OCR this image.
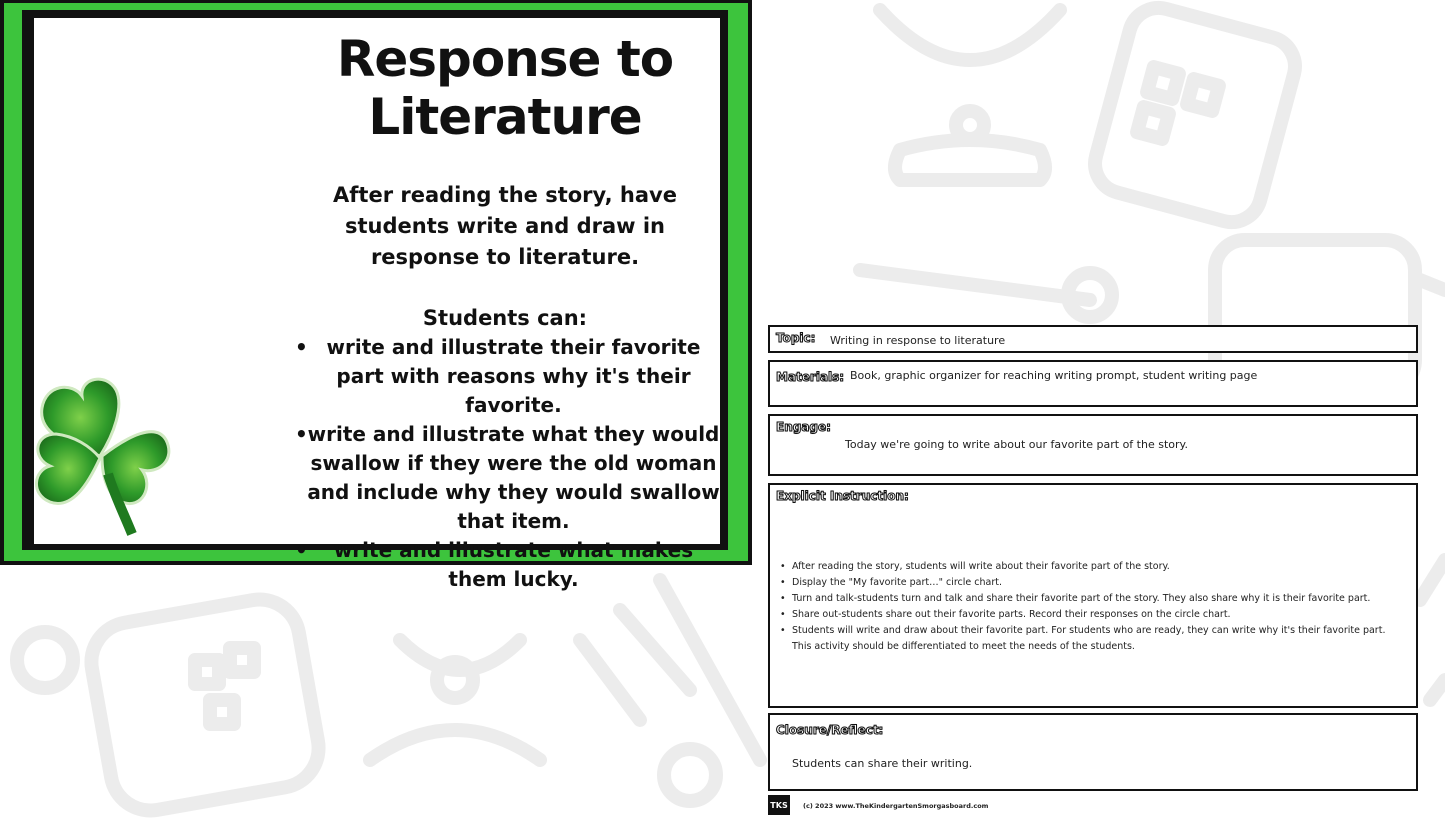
Response to
Literature
After reading the story, have students write and draw in response to literature.
Students can:
• write and illustrate their favorite part with reasons why it's their favorite.
• write and illustrate what they would swallow if they were the old woman and include why they would swallow that item.
• write and illustrate what makes them lucky.
Topic: Writing in response to literature
Materials: Book, graphic organizer for reaching writing prompt, student writing page
Engage:
Today we're going to write about our favorite part of the story.
Explicit Instruction:
• After reading the story, students will write about their favorite part of the story.
• Display the "My favorite part…" circle chart.
• Turn and talk-students turn and talk and share their favorite part of the story. They also share why it is their favorite part.
• Share out-students share out their favorite parts. Record their responses on the circle chart.
• Students will write and draw about their favorite part. For students who are ready, they can write why it's their favorite part. This activity should be differentiated to meet the needs of the students.
Closure/Reflect:
Students can share their writing.
TKS	(c) 2023 www.TheKindergartenSmorgasboard.com
